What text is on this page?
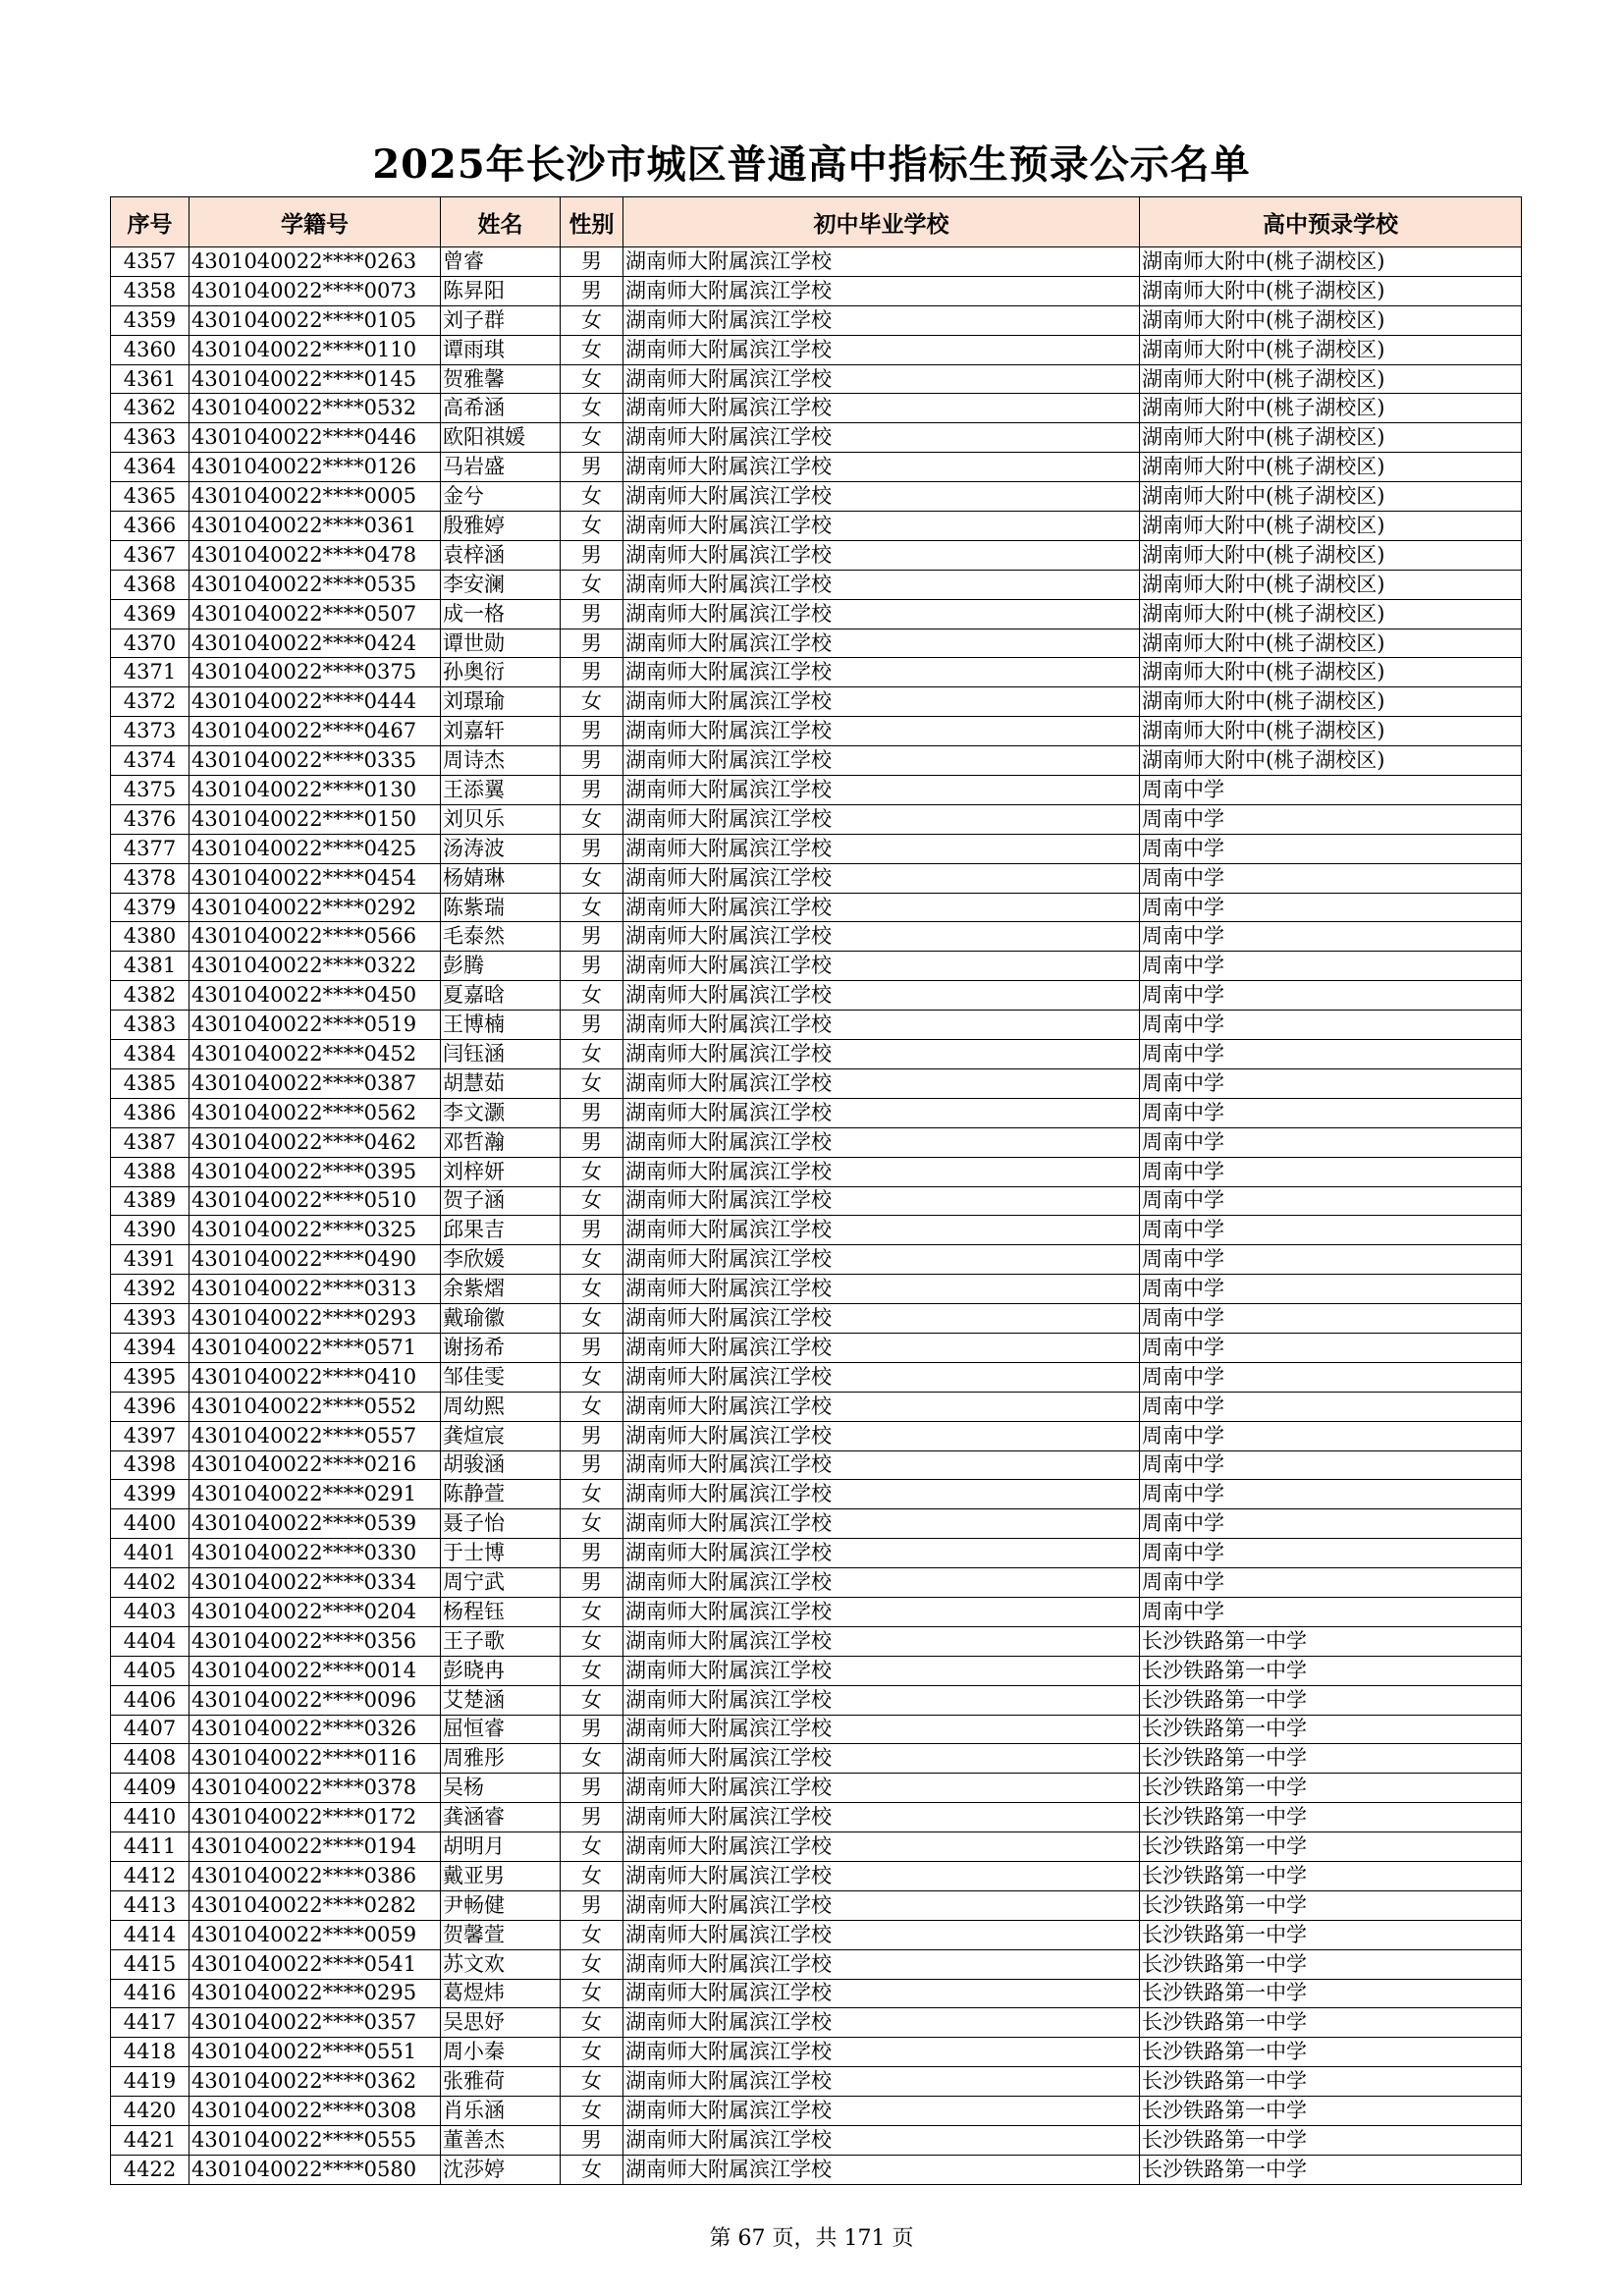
2025年长沙市城区普通高中指标生预录公示名单
序号	学籍号	姓名	性别	初中毕业学校	高中预录学校
4357	4301040022****0263	曾睿	男	湖南师大附属滨江学校	湖南师大附中(桃子湖校区)
4358	4301040022****0073	陈昇阳	男	湖南师大附属滨江学校	湖南师大附中(桃子湖校区)
4359	4301040022****0105	刘子群	女	湖南师大附属滨江学校	湖南师大附中(桃子湖校区)
4360	4301040022****0110	谭雨琪	女	湖南师大附属滨江学校	湖南师大附中(桃子湖校区)
4361	4301040022****0145	贺雅馨	女	湖南师大附属滨江学校	湖南师大附中(桃子湖校区)
4362	4301040022****0532	高希涵	女	湖南师大附属滨江学校	湖南师大附中(桃子湖校区)
4363	4301040022****0446	欧阳祺媛	女	湖南师大附属滨江学校	湖南师大附中(桃子湖校区)
4364	4301040022****0126	马岩盛	男	湖南师大附属滨江学校	湖南师大附中(桃子湖校区)
4365	4301040022****0005	金兮	女	湖南师大附属滨江学校	湖南师大附中(桃子湖校区)
4366	4301040022****0361	殷雅婷	女	湖南师大附属滨江学校	湖南师大附中(桃子湖校区)
4367	4301040022****0478	袁梓涵	男	湖南师大附属滨江学校	湖南师大附中(桃子湖校区)
4368	4301040022****0535	李安澜	女	湖南师大附属滨江学校	湖南师大附中(桃子湖校区)
4369	4301040022****0507	成一格	男	湖南师大附属滨江学校	湖南师大附中(桃子湖校区)
4370	4301040022****0424	谭世勋	男	湖南师大附属滨江学校	湖南师大附中(桃子湖校区)
4371	4301040022****0375	孙奥衍	男	湖南师大附属滨江学校	湖南师大附中(桃子湖校区)
4372	4301040022****0444	刘璟瑜	女	湖南师大附属滨江学校	湖南师大附中(桃子湖校区)
4373	4301040022****0467	刘嘉轩	男	湖南师大附属滨江学校	湖南师大附中(桃子湖校区)
4374	4301040022****0335	周诗杰	男	湖南师大附属滨江学校	湖南师大附中(桃子湖校区)
4375	4301040022****0130	王添翼	男	湖南师大附属滨江学校	周南中学
4376	4301040022****0150	刘贝乐	女	湖南师大附属滨江学校	周南中学
4377	4301040022****0425	汤涛波	男	湖南师大附属滨江学校	周南中学
4378	4301040022****0454	杨婧琳	女	湖南师大附属滨江学校	周南中学
4379	4301040022****0292	陈紫瑞	女	湖南师大附属滨江学校	周南中学
4380	4301040022****0566	毛泰然	男	湖南师大附属滨江学校	周南中学
4381	4301040022****0322	彭腾	男	湖南师大附属滨江学校	周南中学
4382	4301040022****0450	夏嘉晗	女	湖南师大附属滨江学校	周南中学
4383	4301040022****0519	王博楠	男	湖南师大附属滨江学校	周南中学
4384	4301040022****0452	闫钰涵	女	湖南师大附属滨江学校	周南中学
4385	4301040022****0387	胡慧茹	女	湖南师大附属滨江学校	周南中学
4386	4301040022****0562	李文灏	男	湖南师大附属滨江学校	周南中学
4387	4301040022****0462	邓哲瀚	男	湖南师大附属滨江学校	周南中学
4388	4301040022****0395	刘梓妍	女	湖南师大附属滨江学校	周南中学
4389	4301040022****0510	贺子涵	女	湖南师大附属滨江学校	周南中学
4390	4301040022****0325	邱果吉	男	湖南师大附属滨江学校	周南中学
4391	4301040022****0490	李欣媛	女	湖南师大附属滨江学校	周南中学
4392	4301040022****0313	余紫熠	女	湖南师大附属滨江学校	周南中学
4393	4301040022****0293	戴瑜徽	女	湖南师大附属滨江学校	周南中学
4394	4301040022****0571	谢扬希	男	湖南师大附属滨江学校	周南中学
4395	4301040022****0410	邹佳雯	女	湖南师大附属滨江学校	周南中学
4396	4301040022****0552	周幼熙	女	湖南师大附属滨江学校	周南中学
4397	4301040022****0557	龚煊宸	男	湖南师大附属滨江学校	周南中学
4398	4301040022****0216	胡骏涵	男	湖南师大附属滨江学校	周南中学
4399	4301040022****0291	陈静萱	女	湖南师大附属滨江学校	周南中学
4400	4301040022****0539	聂子怡	女	湖南师大附属滨江学校	周南中学
4401	4301040022****0330	于士博	男	湖南师大附属滨江学校	周南中学
4402	4301040022****0334	周宁武	男	湖南师大附属滨江学校	周南中学
4403	4301040022****0204	杨程钰	女	湖南师大附属滨江学校	周南中学
4404	4301040022****0356	王子歌	女	湖南师大附属滨江学校	长沙铁路第一中学
4405	4301040022****0014	彭晓冉	女	湖南师大附属滨江学校	长沙铁路第一中学
4406	4301040022****0096	艾楚涵	女	湖南师大附属滨江学校	长沙铁路第一中学
4407	4301040022****0326	屈恒睿	男	湖南师大附属滨江学校	长沙铁路第一中学
4408	4301040022****0116	周雅彤	女	湖南师大附属滨江学校	长沙铁路第一中学
4409	4301040022****0378	吴杨	男	湖南师大附属滨江学校	长沙铁路第一中学
4410	4301040022****0172	龚涵睿	男	湖南师大附属滨江学校	长沙铁路第一中学
4411	4301040022****0194	胡明月	女	湖南师大附属滨江学校	长沙铁路第一中学
4412	4301040022****0386	戴亚男	女	湖南师大附属滨江学校	长沙铁路第一中学
4413	4301040022****0282	尹畅健	男	湖南师大附属滨江学校	长沙铁路第一中学
4414	4301040022****0059	贺馨萱	女	湖南师大附属滨江学校	长沙铁路第一中学
4415	4301040022****0541	苏文欢	女	湖南师大附属滨江学校	长沙铁路第一中学
4416	4301040022****0295	葛煜炜	女	湖南师大附属滨江学校	长沙铁路第一中学
4417	4301040022****0357	吴思妤	女	湖南师大附属滨江学校	长沙铁路第一中学
4418	4301040022****0551	周小秦	女	湖南师大附属滨江学校	长沙铁路第一中学
4419	4301040022****0362	张雅荷	女	湖南师大附属滨江学校	长沙铁路第一中学
4420	4301040022****0308	肖乐涵	女	湖南师大附属滨江学校	长沙铁路第一中学
4421	4301040022****0555	董善杰	男	湖南师大附属滨江学校	长沙铁路第一中学
4422	4301040022****0580	沈莎婷	女	湖南师大附属滨江学校	长沙铁路第一中学
第 67 页，共 171 页
